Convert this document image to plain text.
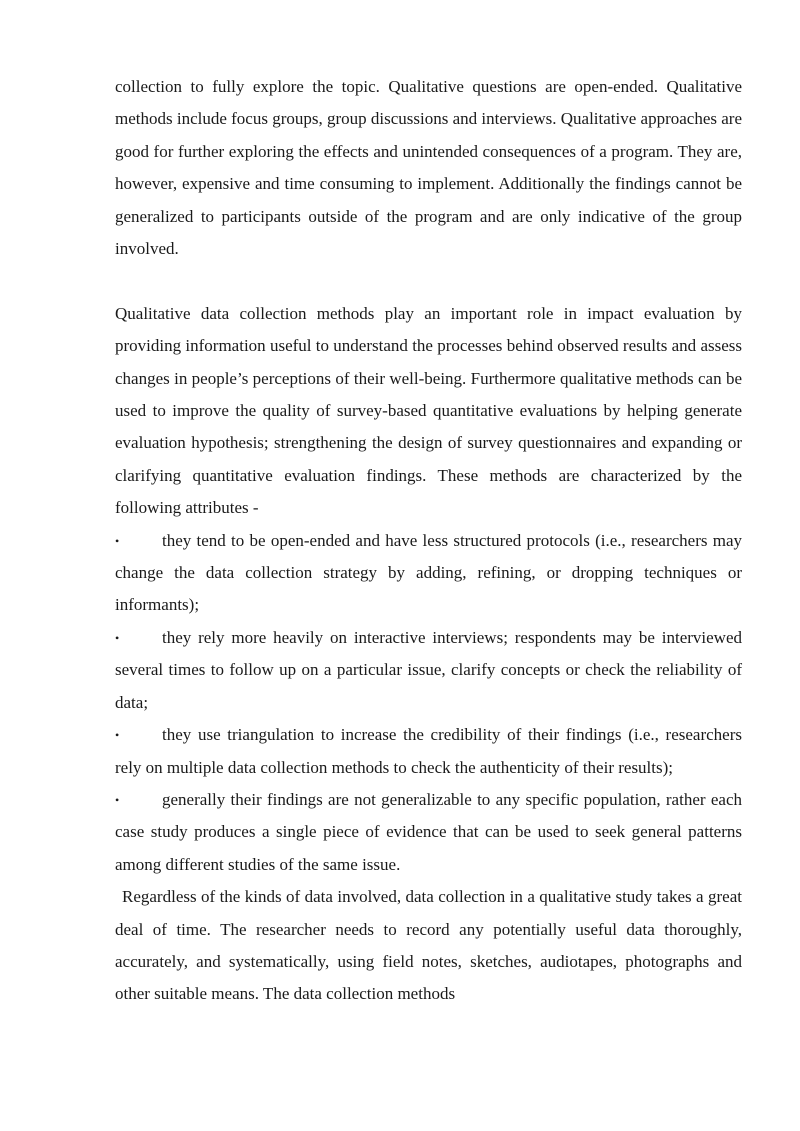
collection to fully explore the topic. Qualitative questions are open-ended. Qualitative methods include focus groups, group discussions and interviews. Qualitative approaches are good for further exploring the effects and unintended consequences of a program. They are, however, expensive and time consuming to implement. Additionally the findings cannot be generalized to participants outside of the program and are only indicative of the group involved.

Qualitative data collection methods play an important role in impact evaluation by providing information useful to understand the processes behind observed results and assess changes in people’s perceptions of their well-being. Furthermore qualitative methods can be used to improve the quality of survey-based quantitative evaluations by helping generate evaluation hypothesis; strengthening the design of survey questionnaires and expanding or clarifying quantitative evaluation findings. These methods are characterized by the following attributes -

•	they tend to be open-ended and have less structured protocols (i.e., researchers may change the data collection strategy by adding, refining, or dropping techniques or informants);

•	they rely more heavily on interactive interviews; respondents may be interviewed several times to follow up on a particular issue, clarify concepts or check the reliability of data;

•	they use triangulation to increase the credibility of their findings (i.e., researchers rely on multiple data collection methods to check the authenticity of their results);

•	generally their findings are not generalizable to any specific population, rather each case study produces a single piece of evidence that can be used to seek general patterns among different studies of the same issue.

Regardless of the kinds of data involved, data collection in a qualitative study takes a great deal of time. The researcher needs to record any potentially useful data thoroughly, accurately, and systematically, using field notes, sketches, audiotapes, photographs and other suitable means. The data collection methods
